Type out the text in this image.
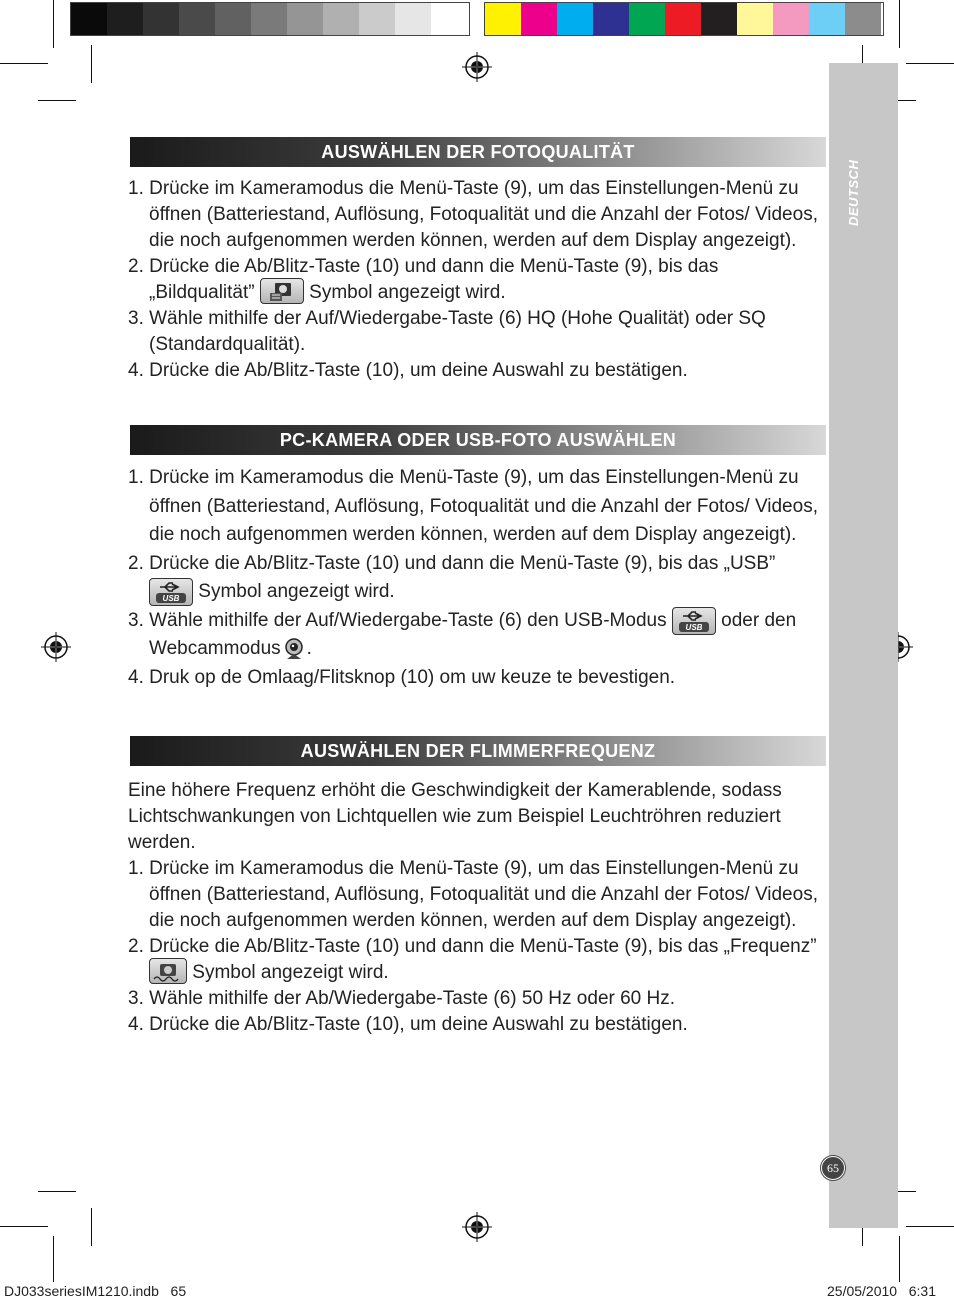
DEUTSCH
65
AUSWÄHLEN DER FOTOQUALITÄT
1. Drücke im Kameramodus die Menü-Taste (9), um das Einstellungen-Menü zu öffnen (Batteriestand, Auflösung, Fotoqualität und die Anzahl der Fotos/ Videos, die noch aufgenommen werden können, werden auf dem Display angezeigt).
2. Drücke die Ab/Blitz-Taste (10) und dann die Menü-Taste (9), bis das „Bildqualität”	Symbol angezeigt wird.
3. Wähle mithilfe der Auf/Wiedergabe-Taste (6) HQ (Hohe Qualität) oder SQ (Standardqualität).
4. Drücke die Ab/Blitz-Taste (10), um deine Auswahl zu bestätigen.
PC-KAMERA ODER USB-FOTO AUSWÄHLEN
1. Drücke im Kameramodus die Menü-Taste (9), um das Einstellungen-Menü zu öffnen (Batteriestand, Auflösung, Fotoqualität und die Anzahl der Fotos/ Videos, die noch aufgenommen werden können, werden auf dem Display angezeigt).
2. Drücke die Ab/Blitz-Taste (10) und dann die Menü-Taste (9), bis das „USB”
USB Symbol angezeigt wird.
3. Wähle mithilfe der Auf/Wiedergabe-Taste (6) den USB-Modus USB oder den Webcammodus .
4. Druk op de Omlaag/Flitsknop (10) om uw keuze te bevestigen.
AUSWÄHLEN DER FLIMMERFREQUENZ

Eine höhere Frequenz erhöht die Geschwindigkeit der Kamerablende, sodass Lichtschwankungen von Lichtquellen wie zum Beispiel Leuchtröhren reduziert werden.

1. Drücke im Kameramodus die Menü-Taste (9), um das Einstellungen-Menü zu öffnen (Batteriestand, Auflösung, Fotoqualität und die Anzahl der Fotos/ Videos, die noch aufgenommen werden können, werden auf dem Display angezeigt).
2. Drücke die Ab/Blitz-Taste (10) und dann die Menü-Taste (9), bis das „Frequenz”
Symbol angezeigt wird.
3. Wähle mithilfe der Ab/Wiedergabe-Taste (6) 50 Hz oder 60 Hz.
4. Drücke die Ab/Blitz-Taste (10), um deine Auswahl zu bestätigen.
DJ033seriesIM1210.indb   65	25/05/2010   6:31
